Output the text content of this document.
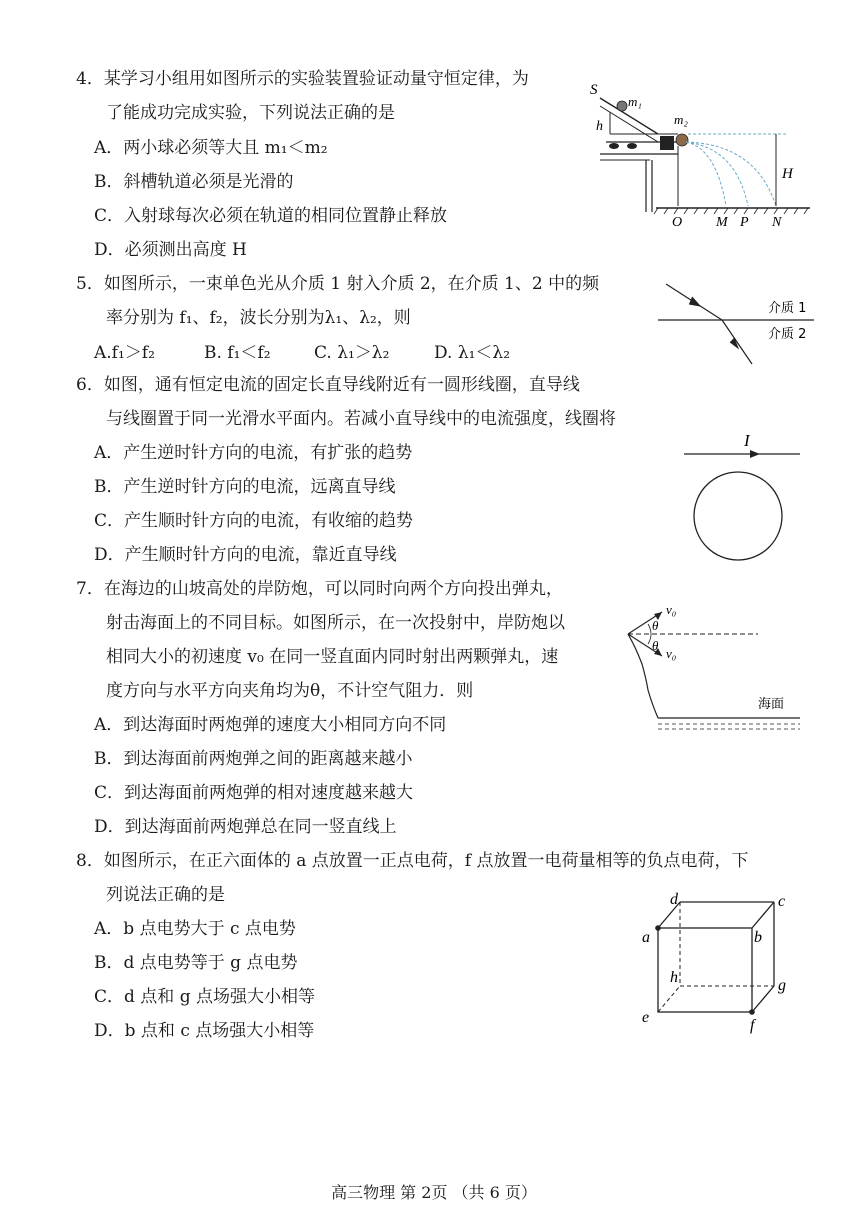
4．某学习小组用如图所示的实验装置验证动量守恒定律，为
了能成功完成实验，下列说法正确的是
A．两小球必须等大且 m₁＜m₂
B．斜槽轨道必须是光滑的
C．入射球每次必须在轨道的相同位置静止释放
D．必须测出高度 H
S
m₁
h	m₂
H
O M P N
5．如图所示，一束单色光从介质 1 射入介质 2，在介质 1、2 中的频
率分别为 f₁、f₂，波长分别为λ₁、λ₂，则
A.f₁＞f₂	B. f₁＜f₂	C. λ₁＞λ₂	D. λ₁＜λ₂
介质 1
介质 2
6．如图，通有恒定电流的固定长直导线附近有一圆形线圈，直导线
与线圈置于同一光滑水平面内。若减小直导线中的电流强度，线圈将
A．产生逆时针方向的电流，有扩张的趋势
B．产生逆时针方向的电流，远离直导线
C．产生顺时针方向的电流，有收缩的趋势
D．产生顺时针方向的电流，靠近直导线
I
7．在海边的山坡高处的岸防炮，可以同时向两个方向投出弹丸，
射击海面上的不同目标。如图所示，在一次投射中，岸防炮以
相同大小的初速度 v₀ 在同一竖直面内同时射出两颗弹丸，速
度方向与水平方向夹角均为θ，不计空气阻力．则
A．到达海面时两炮弹的速度大小相同方向不同
B．到达海面前两炮弹之间的距离越来越小
C．到达海面前两炮弹的相对速度越来越大
D．到达海面前两炮弹总在同一竖直线上
v₀
v₀
θ
θ
海面
8．如图所示，在正六面体的 a 点放置一正点电荷，f 点放置一电荷量相等的负点电荷，下
列说法正确的是
A．b 点电势大于 c 点电势
B．d 点电势等于 g 点电势
C．d 点和 g 点场强大小相等
D．b 点和 c 点场强大小相等
a	b
c
d
e	f
g
h
高三物理 第 2页 （共 6 页）
